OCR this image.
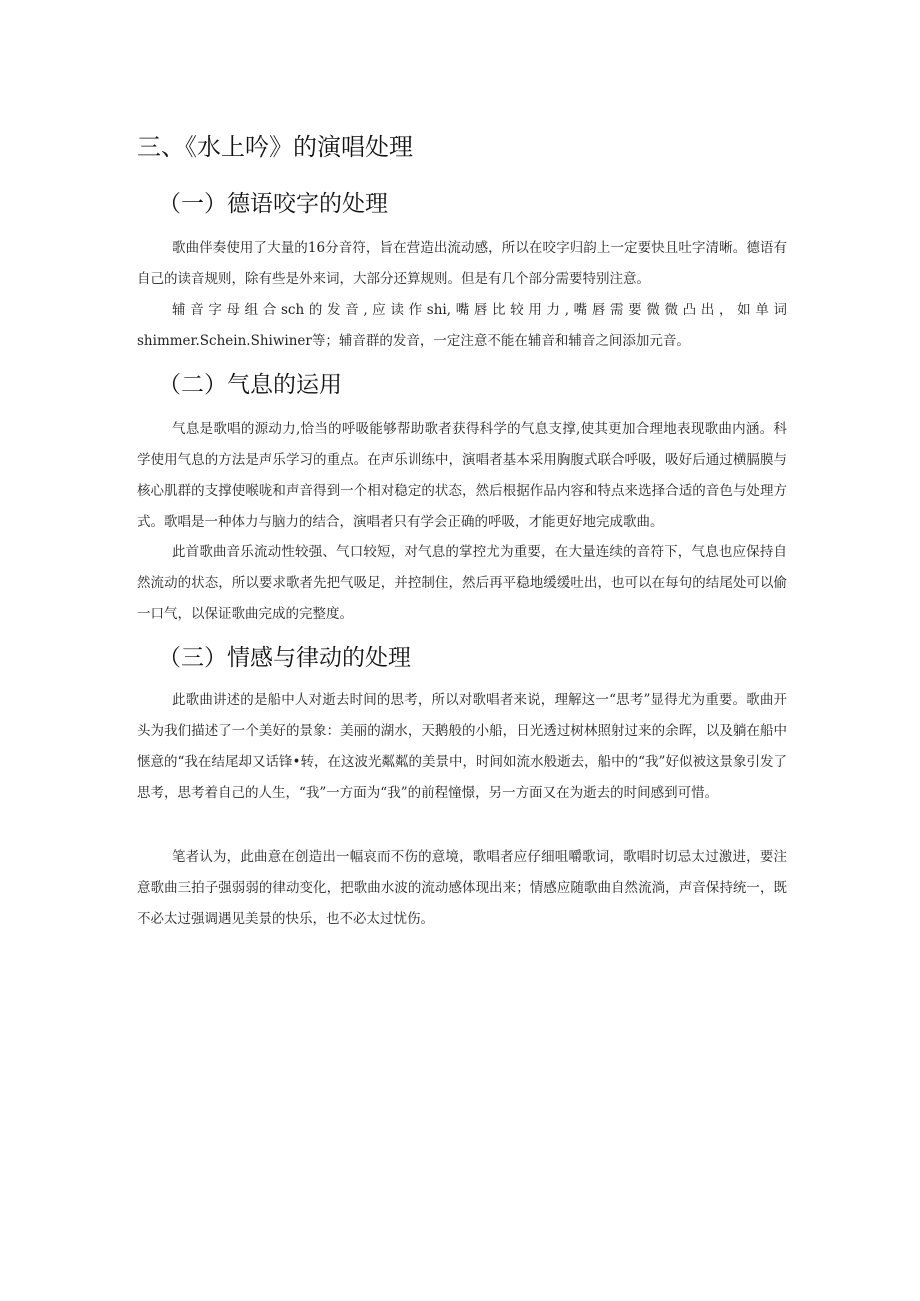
三、《水上吟》的演唱处理
（一）德语咬字的处理

歌曲伴奏使用了大量的16分音符，旨在营造出流动感，所以在咬字归韵上一定要快且吐字清晰。德语有自己的读音规则，除有些是外来词，大部分还算规则。但是有几个部分需要特别注意。

辅音字母组合sch的发音,应读作shi,嘴唇比较用力,嘴唇需要微微凸出，如单词shimmer.Schein.Shiwiner等；辅音群的发音，一定注意不能在辅音和辅音之间添加元音。

（二）气息的运用

气息是歌唱的源动力,恰当的呼吸能够帮助歌者获得科学的气息支撑,使其更加合理地表现歌曲内涵。科学使用气息的方法是声乐学习的重点。在声乐训练中，演唱者基本采用胸腹式联合呼吸，吸好后通过横膈膜与核心肌群的支撑使喉咙和声音得到一个相对稳定的状态，然后根据作品内容和特点来选择合适的音色与处理方式。歌唱是一种体力与脑力的结合，演唱者只有学会正确的呼吸，才能更好地完成歌曲。

此首歌曲音乐流动性较强、气口较短，对气息的掌控尤为重要，在大量连续的音符下，气息也应保持自然流动的状态，所以要求歌者先把气吸足，并控制住，然后再平稳地缓缓吐出，也可以在每句的结尾处可以偷一口气，以保证歌曲完成的完整度。

（三）情感与律动的处理

此歌曲讲述的是船中人对逝去时间的思考，所以对歌唱者来说，理解这一“思考”显得尤为重要。歌曲开头为我们描述了一个美好的景象：美丽的湖水，天鹅般的小船，日光透过树林照射过来的余晖，以及躺在船中惬意的“我在结尾却又话锋•转，在这波光粼粼的美景中，时间如流水般逝去，船中的“我”好似被这景象引发了思考，思考着自己的人生，“我”一方面为“我”的前程憧憬，另一方面又在为逝去的时间感到可惜。

笔者认为，此曲意在创造出一幅哀而不伤的意境，歌唱者应仔细咀嚼歌词，歌唱时切忌太过激进，要注意歌曲三拍子强弱弱的律动变化，把歌曲水波的流动感体现出来；情感应随歌曲自然流淌，声音保持统一，既不必太过强调遇见美景的快乐，也不必太过忧伤。
